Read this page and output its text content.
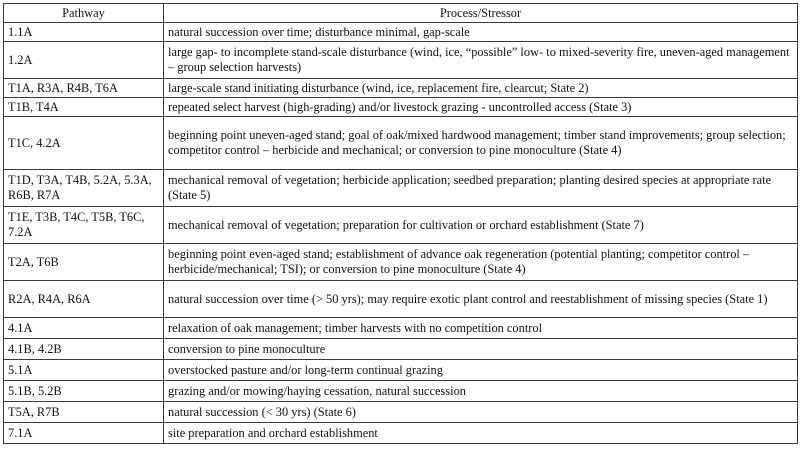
Pathway	Process/Stressor
1.1A	natural succession over time; disturbance minimal, gap-scale
1.2A	large gap- to incomplete stand-scale disturbance (wind, ice, “possible” low- to mixed-severity fire, uneven-aged management – group selection harvests)
T1A, R3A, R4B, T6A	large-scale stand initiating disturbance (wind, ice, replacement fire, clearcut; State 2)
T1B, T4A	repeated select harvest (high-grading) and/or livestock grazing - uncontrolled access (State 3)
T1C, 4.2A	beginning point uneven-aged stand; goal of oak/mixed hardwood management; timber stand improvements; group selection; competitor control – herbicide and mechanical; or conversion to pine monoculture (State 4)
T1D, T3A, T4B, 5.2A, 5.3A, R6B, R7A	mechanical removal of vegetation; herbicide application; seedbed preparation; planting desired species at appropriate rate (State 5)
T1E, T3B, T4C, T5B, T6C, 7.2A	mechanical removal of vegetation; preparation for cultivation or orchard establishment (State 7)
T2A, T6B	beginning point even-aged stand; establishment of advance oak regeneration (potential planting; competitor control – herbicide/mechanical; TSI); or conversion to pine monoculture (State 4)
R2A, R4A, R6A	natural succession over time (> 50 yrs); may require exotic plant control and reestablishment of missing species (State 1)
4.1A	relaxation of oak management; timber harvests with no competition control
4.1B, 4.2B	conversion to pine monoculture
5.1A	overstocked pasture and/or long-term continual grazing
5.1B, 5.2B	grazing and/or mowing/haying cessation, natural succession
T5A, R7B	natural succession (< 30 yrs) (State 6)
7.1A	site preparation and orchard establishment
